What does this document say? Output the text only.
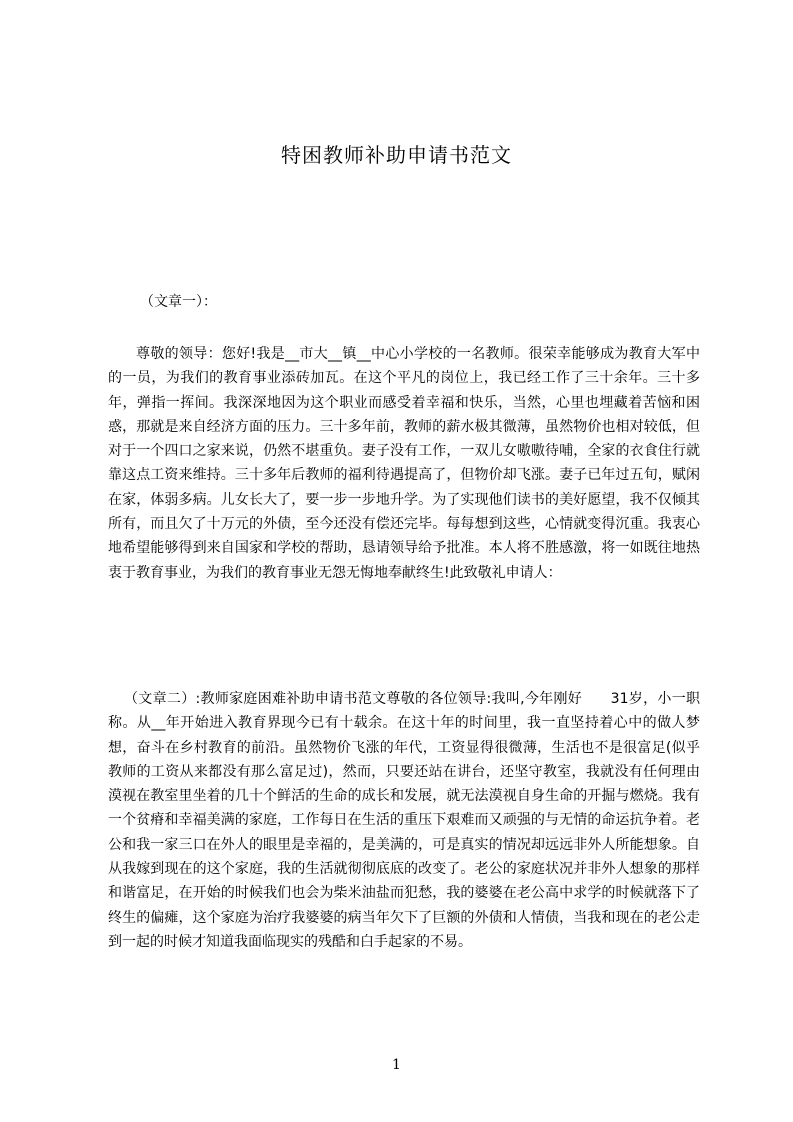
特困教师补助申请书范文

（文章一）：

尊敬的领导：您好!我是__市大__镇__中心小学校的一名教师。很荣幸能够成为教育大军中的一员，为我们的教育事业添砖加瓦。在这个平凡的岗位上，我已经工作了三十余年。三十多年，弹指一挥间。我深深地因为这个职业而感受着幸福和快乐，当然，心里也埋藏着苦恼和困惑，那就是来自经济方面的压力。三十多年前，教师的薪水极其微薄，虽然物价也相对较低，但对于一个四口之家来说，仍然不堪重负。妻子没有工作，一双儿女嗷嗷待哺，全家的衣食住行就靠这点工资来维持。三十多年后教师的福利待遇提高了，但物价却飞涨。妻子已年过五旬，赋闲在家，体弱多病。儿女长大了，要一步一步地升学。为了实现他们读书的美好愿望，我不仅倾其所有，而且欠了十万元的外债，至今还没有偿还完毕。每每想到这些，心情就变得沉重。我衷心地希望能够得到来自国家和学校的帮助，恳请领导给予批准。本人将不胜感激，将一如既往地热衷于教育事业，为我们的教育事业无怨无悔地奉献终生!此致敬礼申请人：

（文章二）:教师家庭困难补助申请书范文尊敬的各位领导:我叫,今年刚好　　31岁，小一职称。从__年开始进入教育界现今已有十载余。在这十年的时间里，我一直坚持着心中的做人梦想，奋斗在乡村教育的前沿。虽然物价飞涨的年代，工资显得很微薄，生活也不是很富足(似乎教师的工资从来都没有那么富足过)，然而，只要还站在讲台，还坚守教室，我就没有任何理由漠视在教室里坐着的几十个鲜活的生命的成长和发展，就无法漠视自身生命的开掘与燃烧。我有一个贫瘠和幸福美满的家庭，工作每日在生活的重压下艰难而又顽强的与无情的命运抗争着。老公和我一家三口在外人的眼里是幸福的，是美满的，可是真实的情况却远远非外人所能想象。自从我嫁到现在的这个家庭，我的生活就彻彻底底的改变了。老公的家庭状况并非外人想象的那样和谐富足，在开始的时候我们也会为柴米油盐而犯愁，我的婆婆在老公高中求学的时候就落下了终生的偏瘫，这个家庭为治疗我婆婆的病当年欠下了巨额的外债和人情债，当我和现在的老公走到一起的时候才知道我面临现实的残酷和白手起家的不易。

1
